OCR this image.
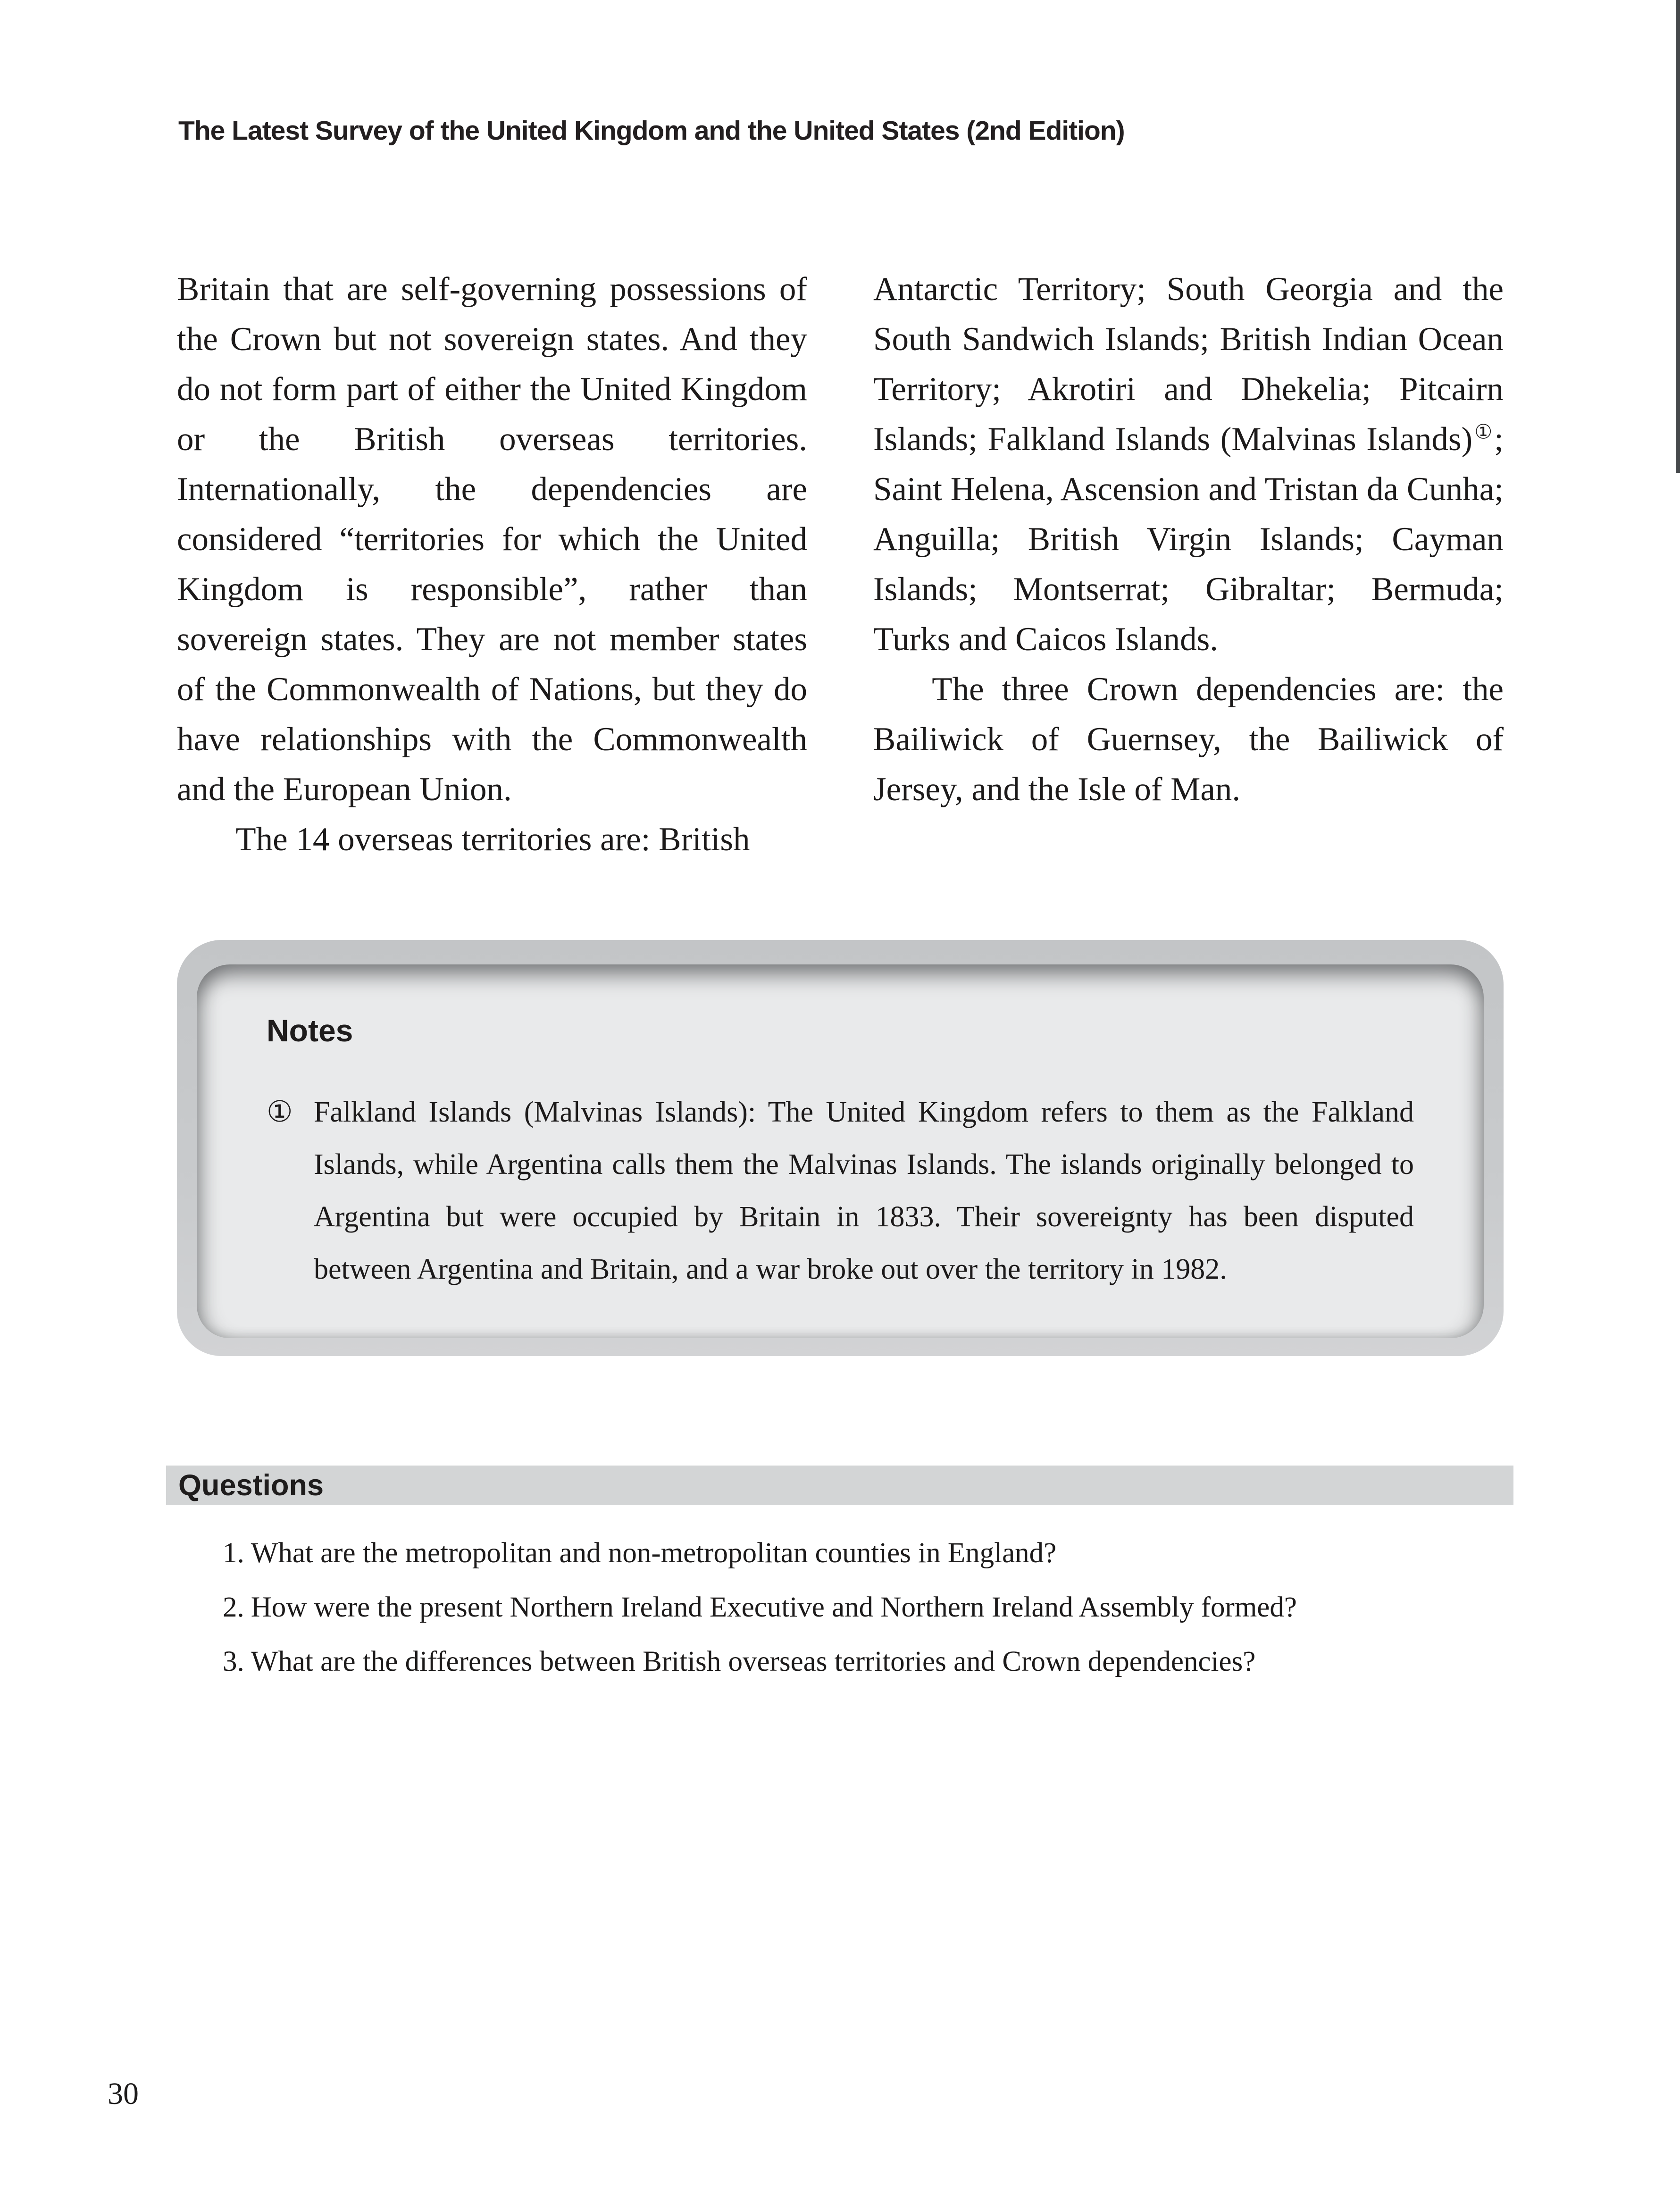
The Latest Survey of the United Kingdom and the United States (2nd Edition)

Britain that are self-governing possessions of the Crown but not sovereign states. And they do not form part of either the United Kingdom or the British overseas territories. Internationally, the dependencies are considered “territories for which the United Kingdom is responsible”, rather than sovereign states. They are not member states of the Commonwealth of Nations, but they do have relationships with the Commonwealth and the European Union.

The 14 overseas territories are: British

Antarctic Territory; South Georgia and the South Sandwich Islands; British Indian Ocean Territory; Akrotiri and Dhekelia; Pitcairn Islands; Falkland Islands (Malvinas Islands)①; Saint Helena, Ascension and Tristan da Cunha; Anguilla; British Virgin Islands; Cayman Islands; Montserrat; Gibraltar; Bermuda; Turks and Caicos Islands.

The three Crown dependencies are: the Bailiwick of Guernsey, the Bailiwick of Jersey, and the Isle of Man.

Notes
① Falkland Islands (Malvinas Islands): The United Kingdom refers to them as the Falkland Islands, while Argentina calls them the Malvinas Islands. The islands originally belonged to Argentina but were occupied by Britain in 1833. Their sovereignty has been disputed between Argentina and Britain, and a war broke out over the territory in 1982.
Questions
1. What are the metropolitan and non-metropolitan counties in England?
2. How were the present Northern Ireland Executive and Northern Ireland Assembly formed?
3. What are the differences between British overseas territories and Crown dependencies?
30
